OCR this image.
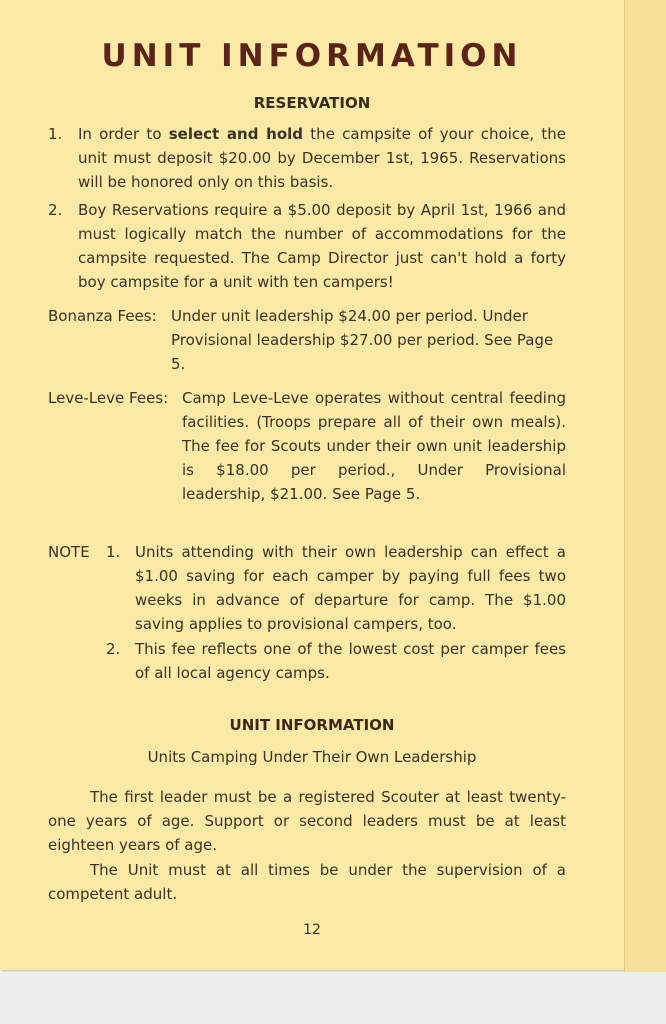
UNIT INFORMATION
RESERVATION
1. In order to select and hold the campsite of your choice, the unit must deposit $20.00 by December 1st, 1965. Reservations will be honored only on this basis.
2. Boy Reservations require a $5.00 deposit by April 1st, 1966 and must logically match the number of accommodations for the campsite requested. The Camp Director just can't hold a forty boy campsite for a unit with ten campers!
Bonanza Fees: Under unit leadership $24.00 per period. Under Provisional leadership $27.00 per period. See Page 5.
Leve-Leve Fees: Camp Leve-Leve operates without central feeding facilities. (Troops prepare all of their own meals). The fee for Scouts under their own unit leadership is $18.00 per period., Under Provisional leadership, $21.00. See Page 5.
NOTE 1. Units attending with their own leadership can effect a $1.00 saving for each camper by paying full fees two weeks in advance of departure for camp. The $1.00 saving applies to provisional campers, too.
2. This fee reflects one of the lowest cost per camper fees of all local agency camps.
UNIT INFORMATION
Units Camping Under Their Own Leadership
The first leader must be a registered Scouter at least twenty-one years of age. Support or second leaders must be at least eighteen years of age.
The Unit must at all times be under the supervision of a competent adult.
12
